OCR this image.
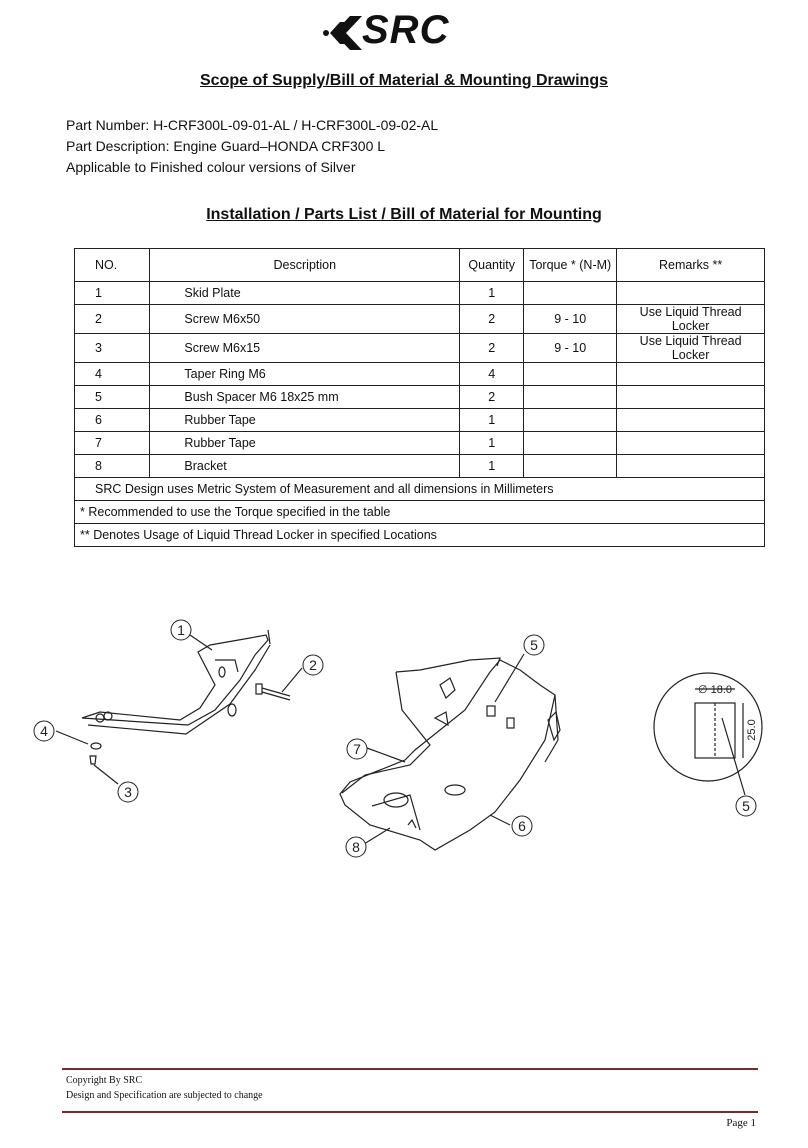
SRC
Scope of Supply/Bill of Material & Mounting Drawings
Part Number: H-CRF300L-09-01-AL / H-CRF300L-09-02-AL
Part Description: Engine Guard–HONDA CRF300 L
Applicable to Finished colour versions of Silver
Installation / Parts List / Bill of Material for Mounting
NO.	Description	Quantity	Torque * (N-M)	Remarks **
1	Skid Plate	1		
2	Screw M6x50	2	9 - 10	Use Liquid Thread Locker
3	Screw M6x15	2	9 - 10	Use Liquid Thread Locker
4	Taper Ring M6	4		
5	Bush Spacer M6 18x25 mm	2		
6	Rubber Tape	1		
7	Rubber Tape	1		
8	Bracket	1		
SRC Design uses Metric System of Measurement and all dimensions in Millimeters				
* Recommended to use the Torque specified in the table				
** Denotes Usage of Liquid Thread Locker in specified Locations				
1
2
4
3
5
7
6
8
5
∅ 18.0
25.0
Copyright By SRC
Design and Specification are subjected to change
Page 1
